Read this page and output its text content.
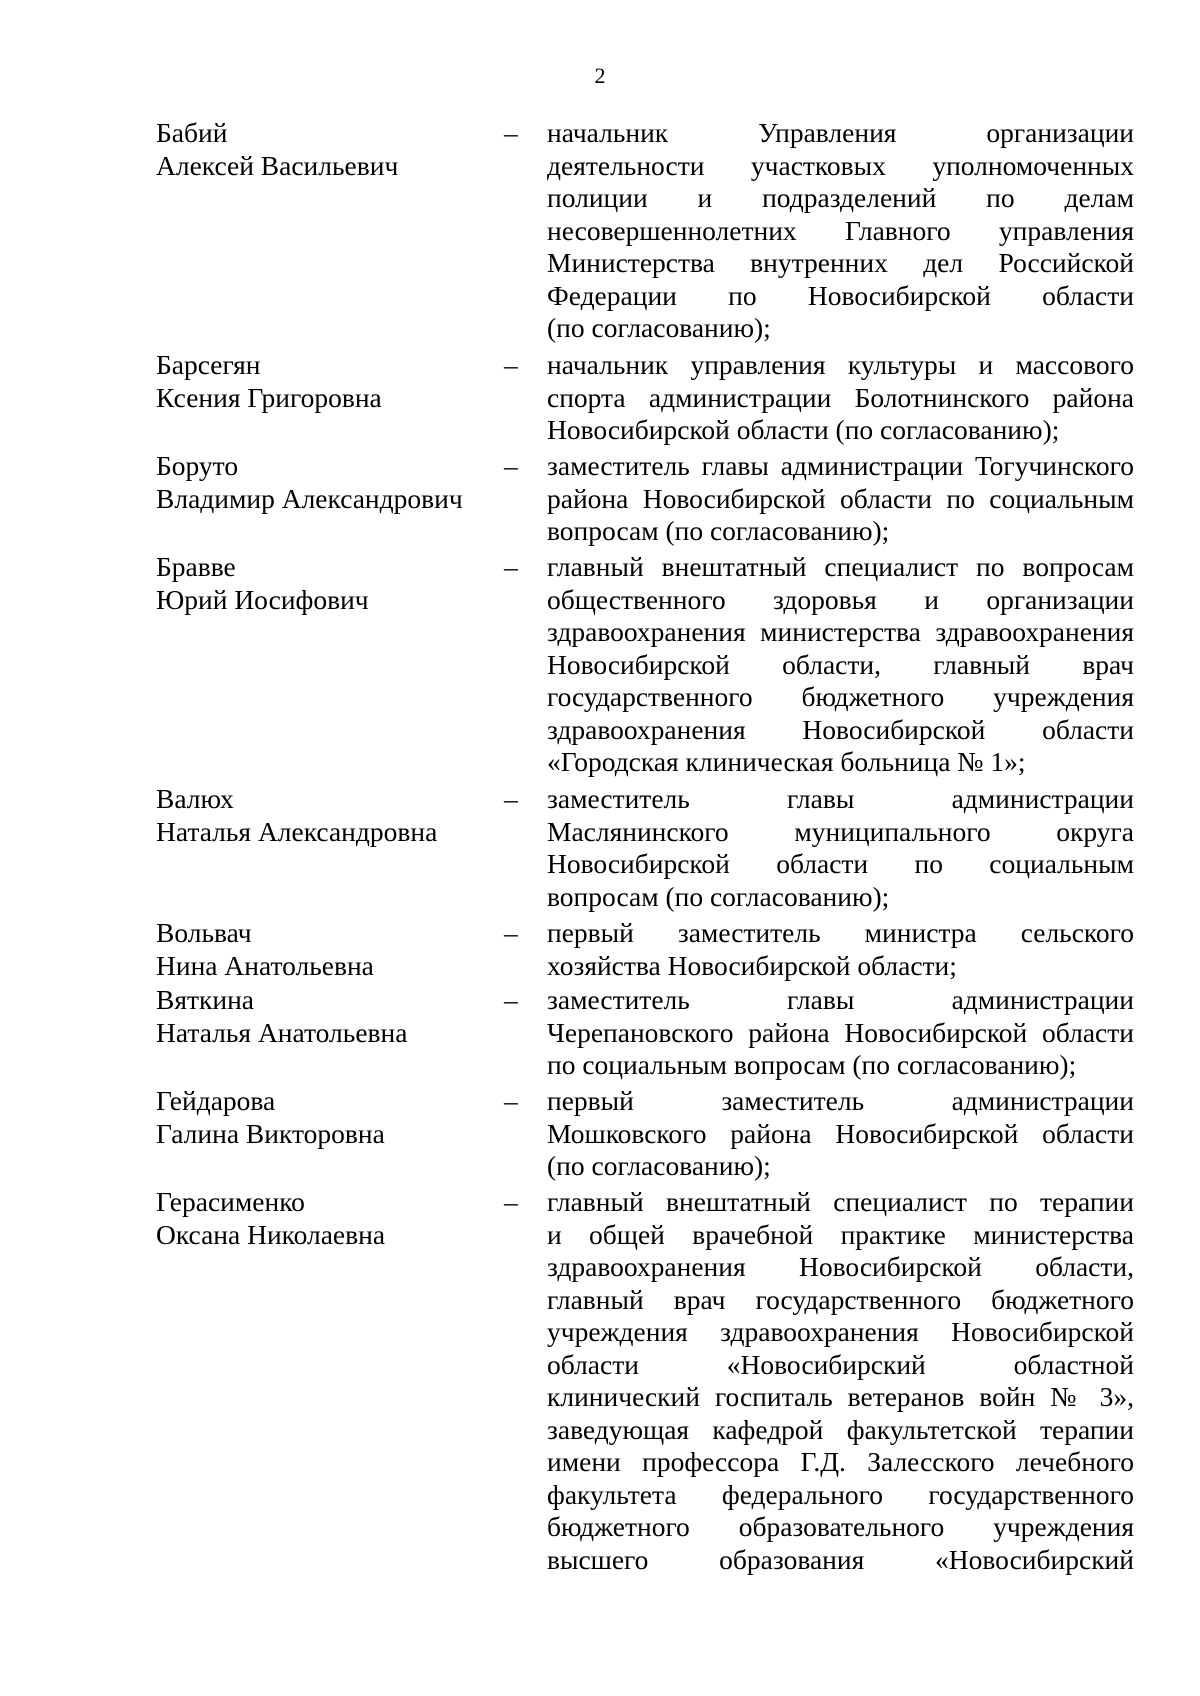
2
Бабий
Алексей Васильевич
– начальник Управления организации
деятельности участковых уполномоченных
полиции и подразделений по делам
несовершеннолетних Главного управления
Министерства внутренних дел Российской
Федерации по Новосибирской области
(по согласованию);
Барсегян
Ксения Григоровна
– начальник управления культуры и массового
спорта администрации Болотнинского района
Новосибирской области (по согласованию);
Боруто
Владимир Александрович
– заместитель главы администрации Тогучинского
района Новосибирской области по социальным
вопросам (по согласованию);
Бравве
Юрий Иосифович
– главный внештатный специалист по вопросам
общественного здоровья и организации
здравоохранения министерства здравоохранения
Новосибирской области, главный врач
государственного бюджетного учреждения
здравоохранения Новосибирской области
«Городская клиническая больница № 1»;
Валюх
Наталья Александровна
– заместитель главы администрации
Маслянинского муниципального округа
Новосибирской области по социальным
вопросам (по согласованию);
Вольвач
Нина Анатольевна
– первый заместитель министра сельского
хозяйства Новосибирской области;
Вяткина
Наталья Анатольевна
– заместитель главы администрации
Черепановского района Новосибирской области
по социальным вопросам (по согласованию);
Гейдарова
Галина Викторовна
– первый заместитель администрации
Мошковского района Новосибирской области
(по согласованию);
Герасименко
Оксана Николаевна
– главный внештатный специалист по терапии
и общей врачебной практике министерства
здравоохранения Новосибирской области,
главный врач государственного бюджетного
учреждения здравоохранения Новосибирской
области «Новосибирский областной
клинический госпиталь ветеранов войн № 3»,
заведующая кафедрой факультетской терапии
имени профессора Г.Д. Залесского лечебного
факультета федерального государственного
бюджетного образовательного учреждения
высшего образования «Новосибирский
